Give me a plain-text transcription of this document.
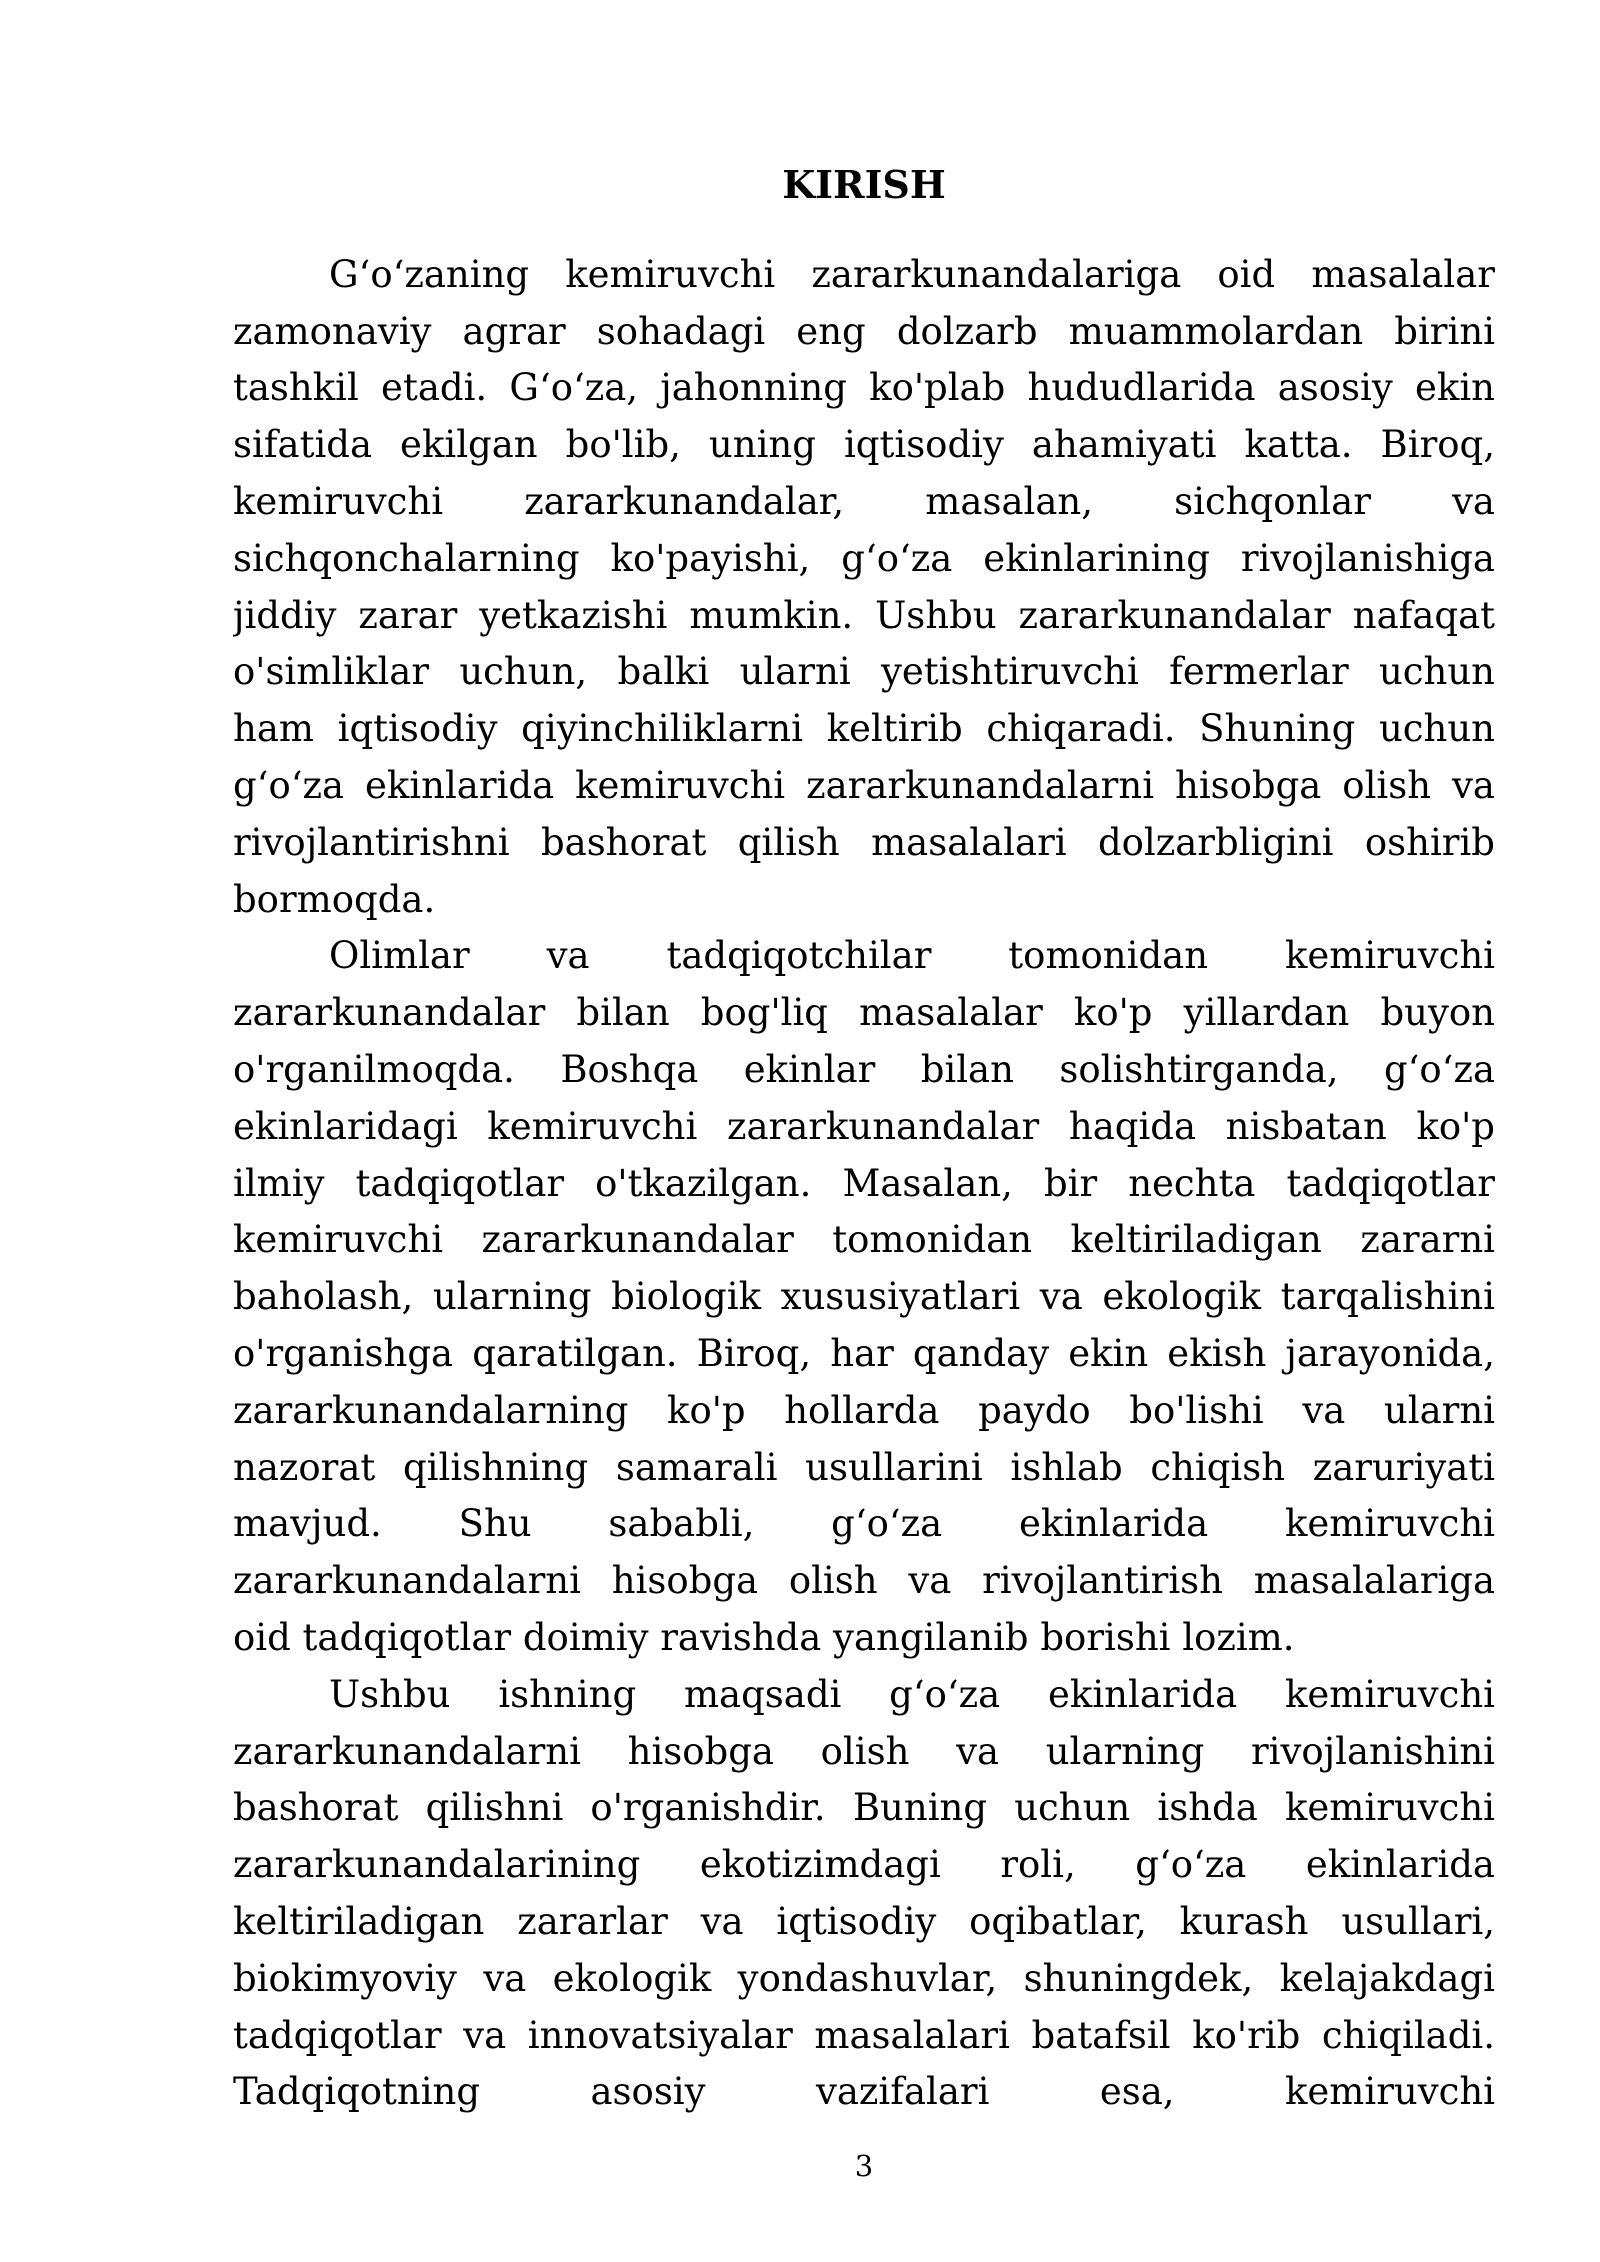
KIRISH
Gʻoʻzaning kemiruvchi zararkunandalariga oid masalalar
zamonaviy agrar sohadagi eng dolzarb muammolardan birini
tashkil etadi. Gʻoʻza, jahonning ko'plab hududlarida asosiy ekin
sifatida ekilgan bo'lib, uning iqtisodiy ahamiyati katta. Biroq,
kemiruvchi zararkunandalar, masalan, sichqonlar va
sichqonchalarning ko'payishi, gʻoʻza ekinlarining rivojlanishiga
jiddiy zarar yetkazishi mumkin. Ushbu zararkunandalar nafaqat
o'simliklar uchun, balki ularni yetishtiruvchi fermerlar uchun
ham iqtisodiy qiyinchiliklarni keltirib chiqaradi. Shuning uchun
gʻoʻza ekinlarida kemiruvchi zararkunandalarni hisobga olish va
rivojlantirishni bashorat qilish masalalari dolzarbligini oshirib
bormoqda.
Olimlar va tadqiqotchilar tomonidan kemiruvchi
zararkunandalar bilan bog'liq masalalar ko'p yillardan buyon
o'rganilmoqda. Boshqa ekinlar bilan solishtirganda, gʻoʻza
ekinlaridagi kemiruvchi zararkunandalar haqida nisbatan ko'p
ilmiy tadqiqotlar o'tkazilgan. Masalan, bir nechta tadqiqotlar
kemiruvchi zararkunandalar tomonidan keltiriladigan zararni
baholash, ularning biologik xususiyatlari va ekologik tarqalishini
o'rganishga qaratilgan. Biroq, har qanday ekin ekish jarayonida,
zararkunandalarning ko'p hollarda paydo bo'lishi va ularni
nazorat qilishning samarali usullarini ishlab chiqish zaruriyati
mavjud. Shu sababli, gʻoʻza ekinlarida kemiruvchi
zararkunandalarni hisobga olish va rivojlantirish masalalariga
oid tadqiqotlar doimiy ravishda yangilanib borishi lozim.
Ushbu ishning maqsadi gʻoʻza ekinlarida kemiruvchi
zararkunandalarni hisobga olish va ularning rivojlanishini
bashorat qilishni o'rganishdir. Buning uchun ishda kemiruvchi
zararkunandalarining ekotizimdagi roli, gʻoʻza ekinlarida
keltiriladigan zararlar va iqtisodiy oqibatlar, kurash usullari,
biokimyoviy va ekologik yondashuvlar, shuningdek, kelajakdagi
tadqiqotlar va innovatsiyalar masalalari batafsil ko'rib chiqiladi.
Tadqiqotning asosiy vazifalari esa, kemiruvchi
3
